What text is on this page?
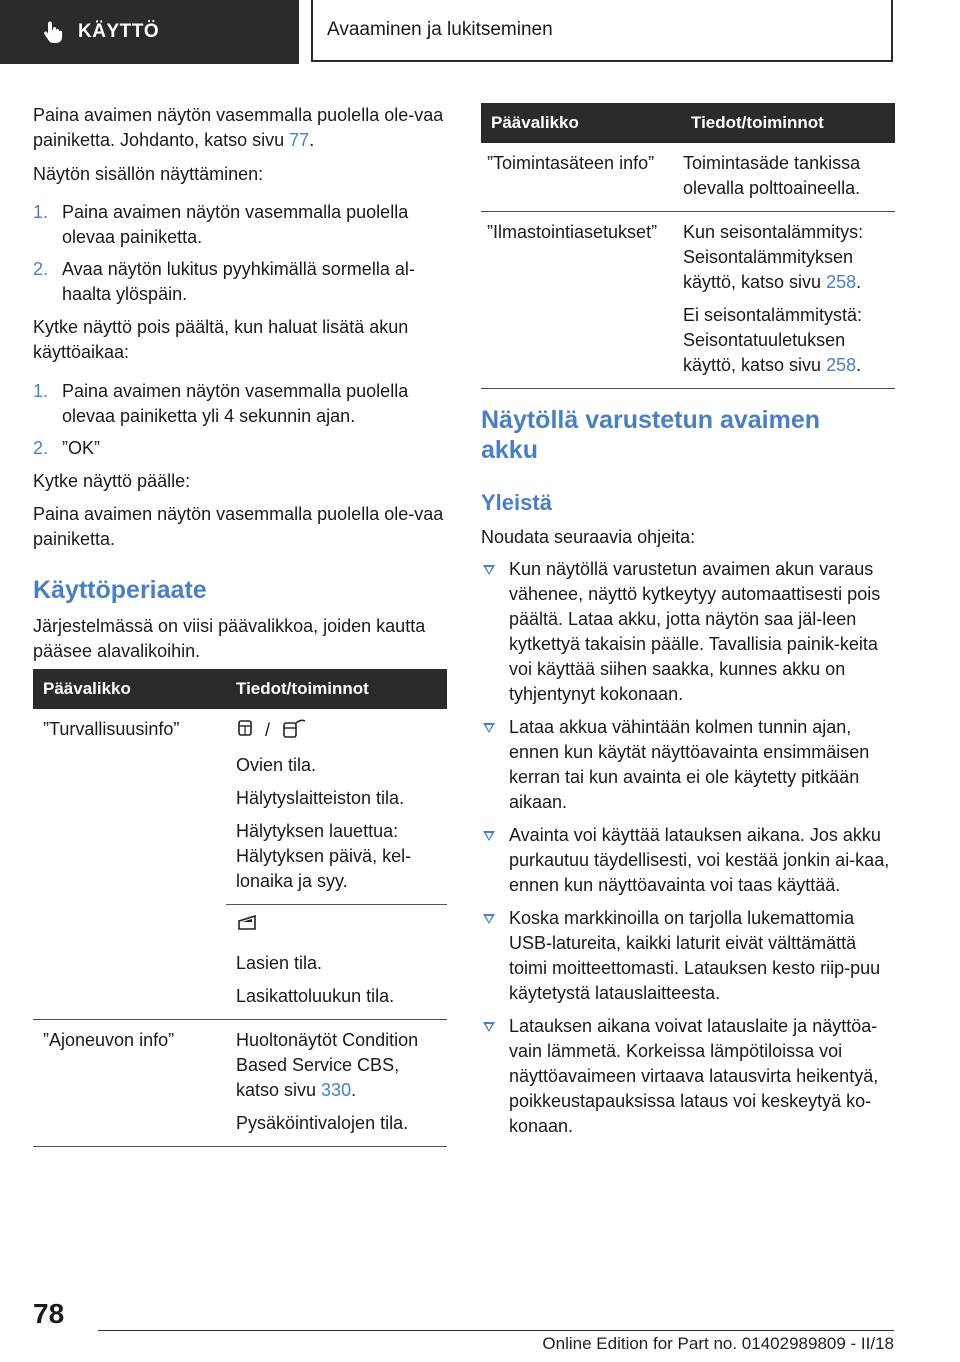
KÄYTTÖ	Avaaminen ja lukitseminen

Paina avaimen näytön vasemmalla puolella ole-vaa painiketta. Johdanto, katso sivu 77.

Näytön sisällön näyttäminen:

1. Paina avaimen näytön vasemmalla puolella olevaa painiketta.
2. Avaa näytön lukitus pyyhkimällä sormella al-haalta ylöspäin.

Kytke näyttö pois päältä, kun haluat lisätä akun käyttöaikaa:

1. Paina avaimen näytön vasemmalla puolella olevaa painiketta yli 4 sekunnin ajan.
2. ”OK”

Kytke näyttö päälle:

Paina avaimen näytön vasemmalla puolella ole-vaa painiketta.

Käyttöperiaate

Järjestelmässä on viisi päävalikkoa, joiden kautta pääsee alavalikoihin.

Päävalikko	Tiedot/toiminnot
”Turvallisuusinfo”	/

Ovien tila.

Hälytyslaitteiston tila.

Hälytyksen lauettua: Hälytyksen päivä, kel-lonaika ja syy.

	Lasien tila.

Lasikattoluukun tila.

”Ajoneuvon info”	Huoltonäytöt Condition Based Service CBS, katso sivu 330.

Pysäköintivalojen tila.

Päävalikko	Tiedot/toiminnot
”Toimintasäteen info”	Toimintasäde tankissa olevalla polttoaineella.

”Ilmastointiasetukset”	Kun seisontalämmitys: Seisontalämmityksen käyttö, katso sivu 258.

Ei seisontalämmitystä: Seisontatuuletuksen käyttö, katso sivu 258.

Näytöllä varustetun avaimen akku
Yleistä

Noudata seuraavia ohjeita:

Kun näytöllä varustetun avaimen akun varaus vähenee, näyttö kytkeytyy automaattisesti pois päältä. Lataa akku, jotta näytön saa jäl-leen kytkettyä takaisin päälle. Tavallisia painik-keita voi käyttää siihen saakka, kunnes akku on tyhjentynyt kokonaan.
Lataa akkua vähintään kolmen tunnin ajan, ennen kun käytät näyttöavainta ensimmäisen kerran tai kun avainta ei ole käytetty pitkään aikaan.
Avainta voi käyttää latauksen aikana. Jos akku purkautuu täydellisesti, voi kestää jonkin ai-kaa, ennen kun näyttöavainta voi taas käyttää.
Koska markkinoilla on tarjolla lukemattomia USB-latureita, kaikki laturit eivät välttämättä toimi moitteettomasti. Latauksen kesto riip-puu käytetystä latauslaitteesta.
Latauksen aikana voivat latauslaite ja näyttöa-vain lämmetä. Korkeissa lämpötiloissa voi näyttöavaimeen virtaava latausvirta heikentyä, poikkeustapauksissa lataus voi keskeytyä ko-konaan.
78
Online Edition for Part no. 01402989809 - II/18
